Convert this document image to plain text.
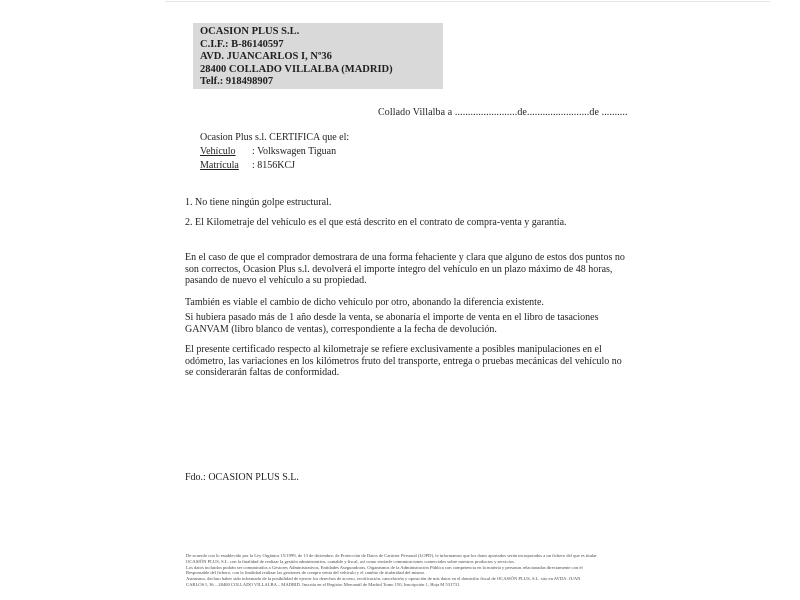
OCASION PLUS S.L.
C.I.F.: B-86140597
AVD. JUANCARLOS I, Nº36
28400 COLLADO VILLALBA (MADRID)
Telf.: 918498907
Collado Villalba a ........................de........................de ..........
Ocasion Plus s.l. CERTIFICA que el:
Vehículo	: Volkswagen Tiguan
Matrícula	: 8156KCJ
1. No tiene ningún golpe estructural.
2. El Kilometraje del vehículo es el que está descrito en el contrato de compra-venta y garantía.
En el caso de que el comprador demostrara de una forma fehaciente y clara que alguno de estos dos puntos no son correctos, Ocasion Plus s.l. devolverá el importe íntegro del vehículo en un plazo máximo de 48 horas, pasando de nuevo el vehículo a su propiedad.
También es viable el cambio de dicho vehículo por otro, abonando la diferencia existente.
Si hubiera pasado más de 1 año desde la venta, se abonaría el importe de venta en el libro de tasaciones GANVAM (libro blanco de ventas), correspondiente a la fecha de devolución.
El presente certificado respecto al kilometraje se refiere exclusivamente a posibles manipulaciones en el odómetro, las variaciones en los kilómetros fruto del transporte, entrega o pruebas mecánicas del vehículo no se considerarán faltas de conformidad.
Fdo.: OCASION PLUS S.L.
De acuerdo con lo establecido por la Ley Orgánica 15/1999, de 13 de diciembre, de Protección de Datos de Carácter Personal (LOPD), le informamos que los datos aportados serán incorporados a un fichero del que es titular
OCASIÓN PLUS, S.L. con la finalidad de realizar la gestión administrativa, contable y fiscal, así como enviarle comunicaciones comerciales sobre nuestros productos y servicios.
Los datos incluidos podrán ser comunicados a Gestores Administrativos, Entidades Aseguradoras, Organismos de la Administración Pública con competencia en la materia y personas relacionadas directamente con el
Responsable del fichero, con la finalidad realizar las gestiones de compra venta del vehículo y el cambio de titularidad del mismo.
Asimismo, declaro haber sido informado de la posibilidad de ejercer los derechos de acceso, rectificación, cancelación y oposición de mis datos en el domicilio fiscal de OCASIÓN PLUS, S.L. sito en AVDA. JUAN
CARLOS I, 36 – 28400 COLLADO VILLALBA – MADRID. Inscrita en el Registro Mercantil de Madrid Tomo 150, Inscripción 1, Hoja M 531731.
